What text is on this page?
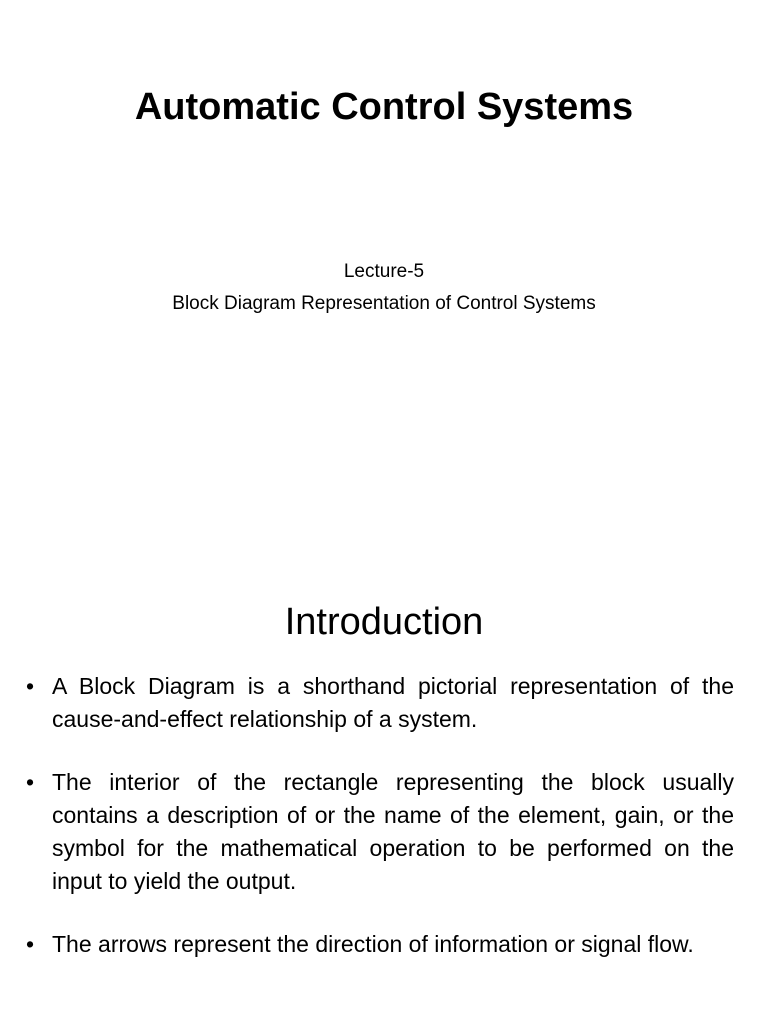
Automatic Control Systems
Lecture-5
Block Diagram Representation of Control Systems
Introduction
• A Block Diagram is a shorthand pictorial representation of the cause-and-effect relationship of a system.
• The interior of the rectangle representing the block usually contains a description of or the name of the element, gain, or the symbol for the mathematical operation to be performed on the input to yield the output.
• The arrows represent the direction of information or signal flow.
